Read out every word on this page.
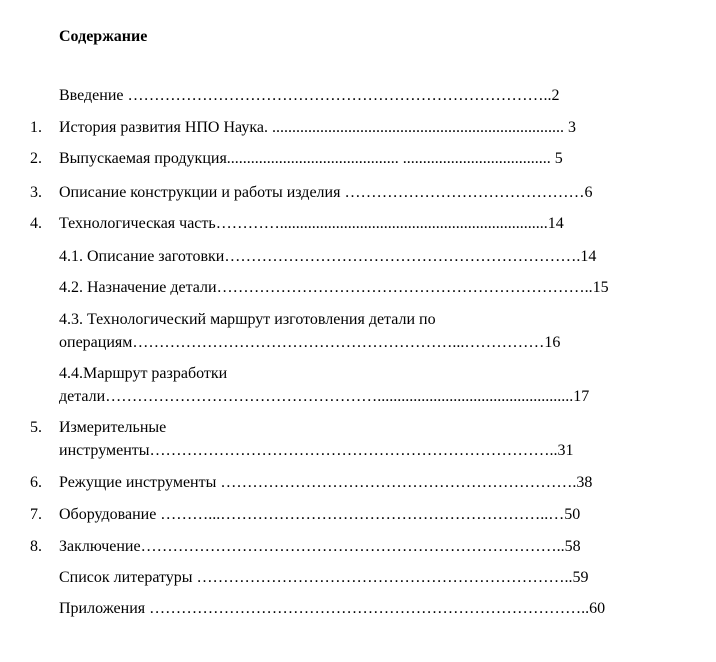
Содержание
Введение ……………………………………………………………………..2
1. История развития НПО Наука. ......................................................................... 3
2. Выпускаемая продукция........................................... ..................................... 5
3. Описание конструкции и работы изделия ………………………………………6
4. Технологическая часть…………...................................................................14
4.1. Описание заготовки………………………………………………………….14
4.2. Назначение детали……………………………………………………………..15
4.3. Технологический маршрут изготовления детали по
операциям……………………………………………………...……………16
4.4.Маршрут разработки
детали…………………………………………….................................................17
5. Измерительные
инструменты…………………………………………………………………..31
6. Режущие инструменты ………………………………………………………….38
7. Оборудование ………...……………………………………………………..…50
8. Заключение……………………………………………………………………..58
Список литературы ……………………………………………………………..59
Приложения ………………………………………………………………………..60
